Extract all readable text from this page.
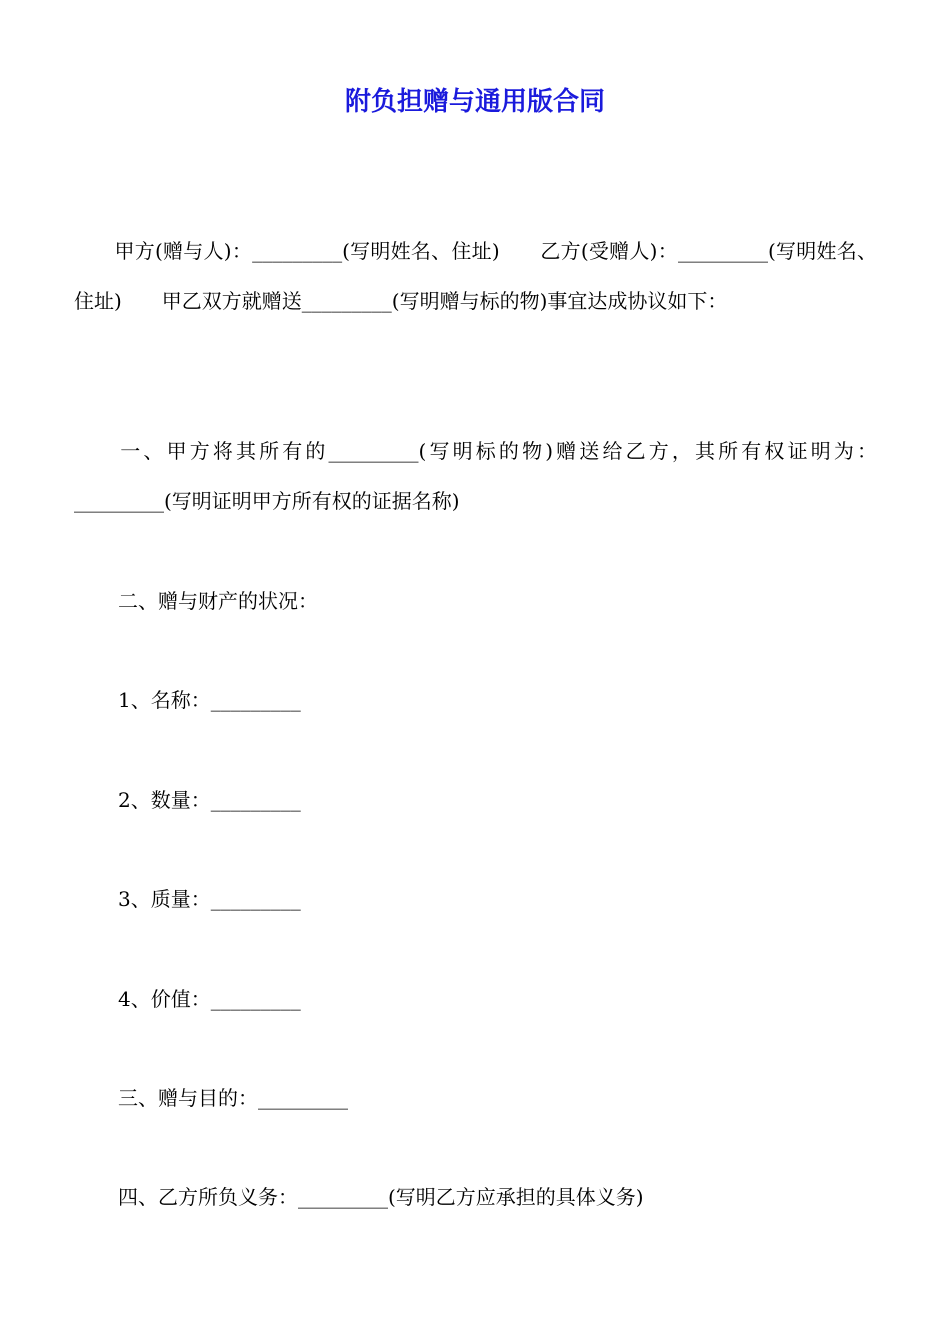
附负担赠与通用版合同
　　甲方(赠与人)：_________(写明姓名、住址)　　乙方(受赠人)：_________(写明姓名、住址)　　甲乙双方就赠送_________(写明赠与标的物)事宜达成协议如下：
　　一、甲方将其所有的_________(写明标的物)赠送给乙方，其所有权证明为：_________(写明证明甲方所有权的证据名称)
二、赠与财产的状况：
1、名称：_________
2、数量：_________
3、质量：_________
4、价值：_________
三、赠与目的：_________
四、乙方所负义务：_________(写明乙方应承担的具体义务)
